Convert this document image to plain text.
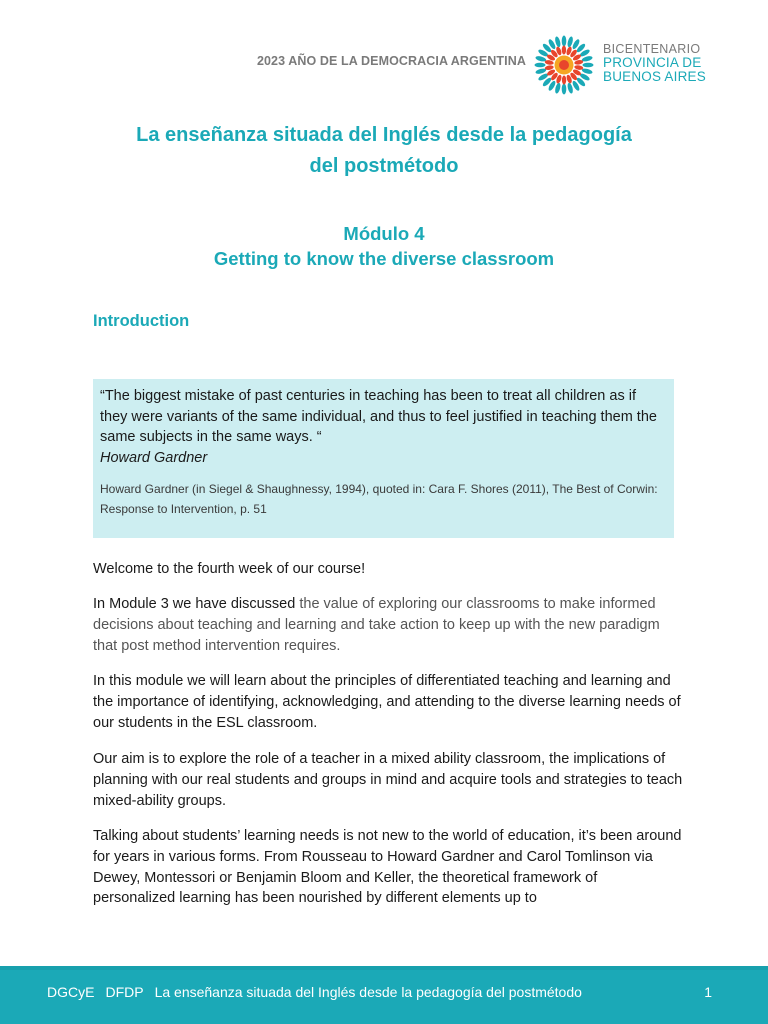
2023 AÑO DE LA DEMOCRACIA ARGENTINA
BICENTENARIO
PROVINCIA DE
BUENOS AIRES
La enseñanza situada del Inglés desde la pedagogía
del postmétodo
Módulo 4
Getting to know the diverse classroom
Introduction
“The biggest mistake of past centuries in teaching has been to treat all children as if they were variants of the same individual, and thus to feel justified in teaching them the same subjects in the same ways. “
Howard Gardner
Howard Gardner (in Siegel & Shaughnessy, 1994), quoted in: Cara F. Shores (2011), The Best of Corwin: Response to Intervention, p. 51
Welcome to the fourth week of our course!
In Module 3 we have discussed the value of exploring our classrooms to make informed decisions about teaching and learning and take action to keep up with the new paradigm that post method intervention requires.
In this module we will learn about the principles of differentiated teaching and learning and the importance of identifying, acknowledging, and attending to the diverse learning needs of our students in the ESL classroom.
Our aim is to explore the role of a teacher in a mixed ability classroom, the implications of planning with our real students and groups in mind and acquire tools and strategies to teach mixed-ability groups.
Talking about students’ learning needs is not new to the world of education, it’s been around for years in various forms. From Rousseau to Howard Gardner and Carol Tomlinson via Dewey, Montessori or Benjamin Bloom and Keller, the theoretical framework of personalized learning has been nourished by different elements up to
DGCyE DFDP La enseñanza situada del Inglés desde la pedagogía del postmétodo	1
